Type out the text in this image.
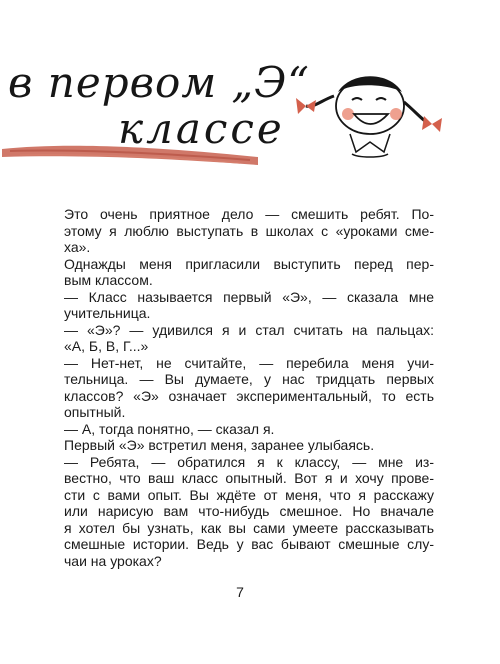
в первом „Э“
классе

Это очень приятное дело — смешить ребят. По-

этому я люблю выступать в школах с «уроками сме-

ха».

Однажды меня пригласили выступить перед пер-

вым классом.

— Класс называется первый «Э», — сказала мне

учительница.

— «Э»? — удивился я и стал считать на пальцах:

«А, Б, В, Г...»

— Нет-нет, не считайте, — перебила меня учи-

тельница. — Вы думаете, у нас тридцать первых

классов? «Э» означает экспериментальный, то есть

опытный.

— А, тогда понятно, — сказал я.

Первый «Э» встретил меня, заранее улыбаясь.

— Ребята, — обратился я к классу, — мне из-

вестно, что ваш класс опытный. Вот я и хочу прове-

сти с вами опыт. Вы ждёте от меня, что я расскажу

или нарисую вам что-нибудь смешное. Но вначале

я хотел бы узнать, как вы сами умеете рассказывать

смешные истории. Ведь у вас бывают смешные слу-

чаи на уроках?

7
